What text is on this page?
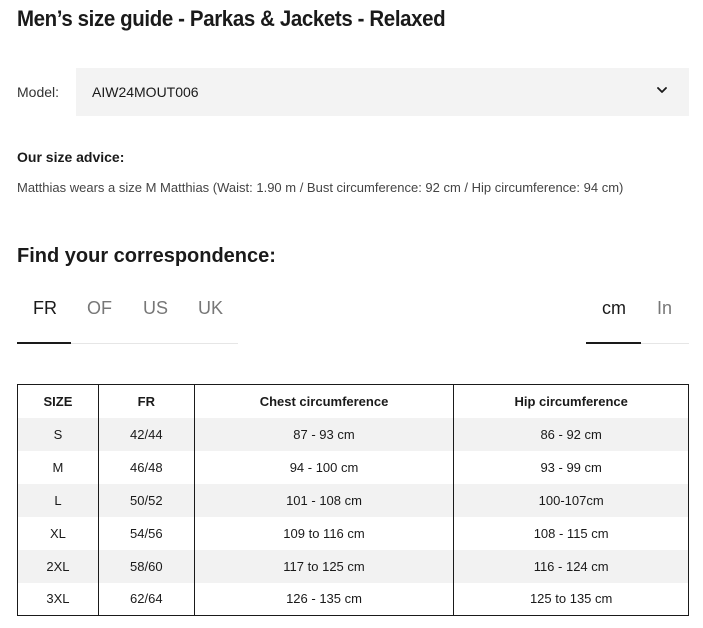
Men’s size guide - Parkas & Jackets - Relaxed
Model: AIW24MOUT006
Our size advice:
Matthias wears a size M Matthias (Waist: 1.90 m / Bust circumference: 92 cm / Hip circumference: 94 cm)
Find your correspondence:
FR OF US UK	cm In
SIZE	FR	Chest circumference	Hip circumference
S	42/44	87 - 93 cm	86 - 92 cm
M	46/48	94 - 100 cm	93 - 99 cm
L	50/52	101 - 108 cm	100-107cm
XL	54/56	109 to 116 cm	108 - 115 cm
2XL	58/60	117 to 125 cm	116 - 124 cm
3XL	62/64	126 - 135 cm	125 to 135 cm
